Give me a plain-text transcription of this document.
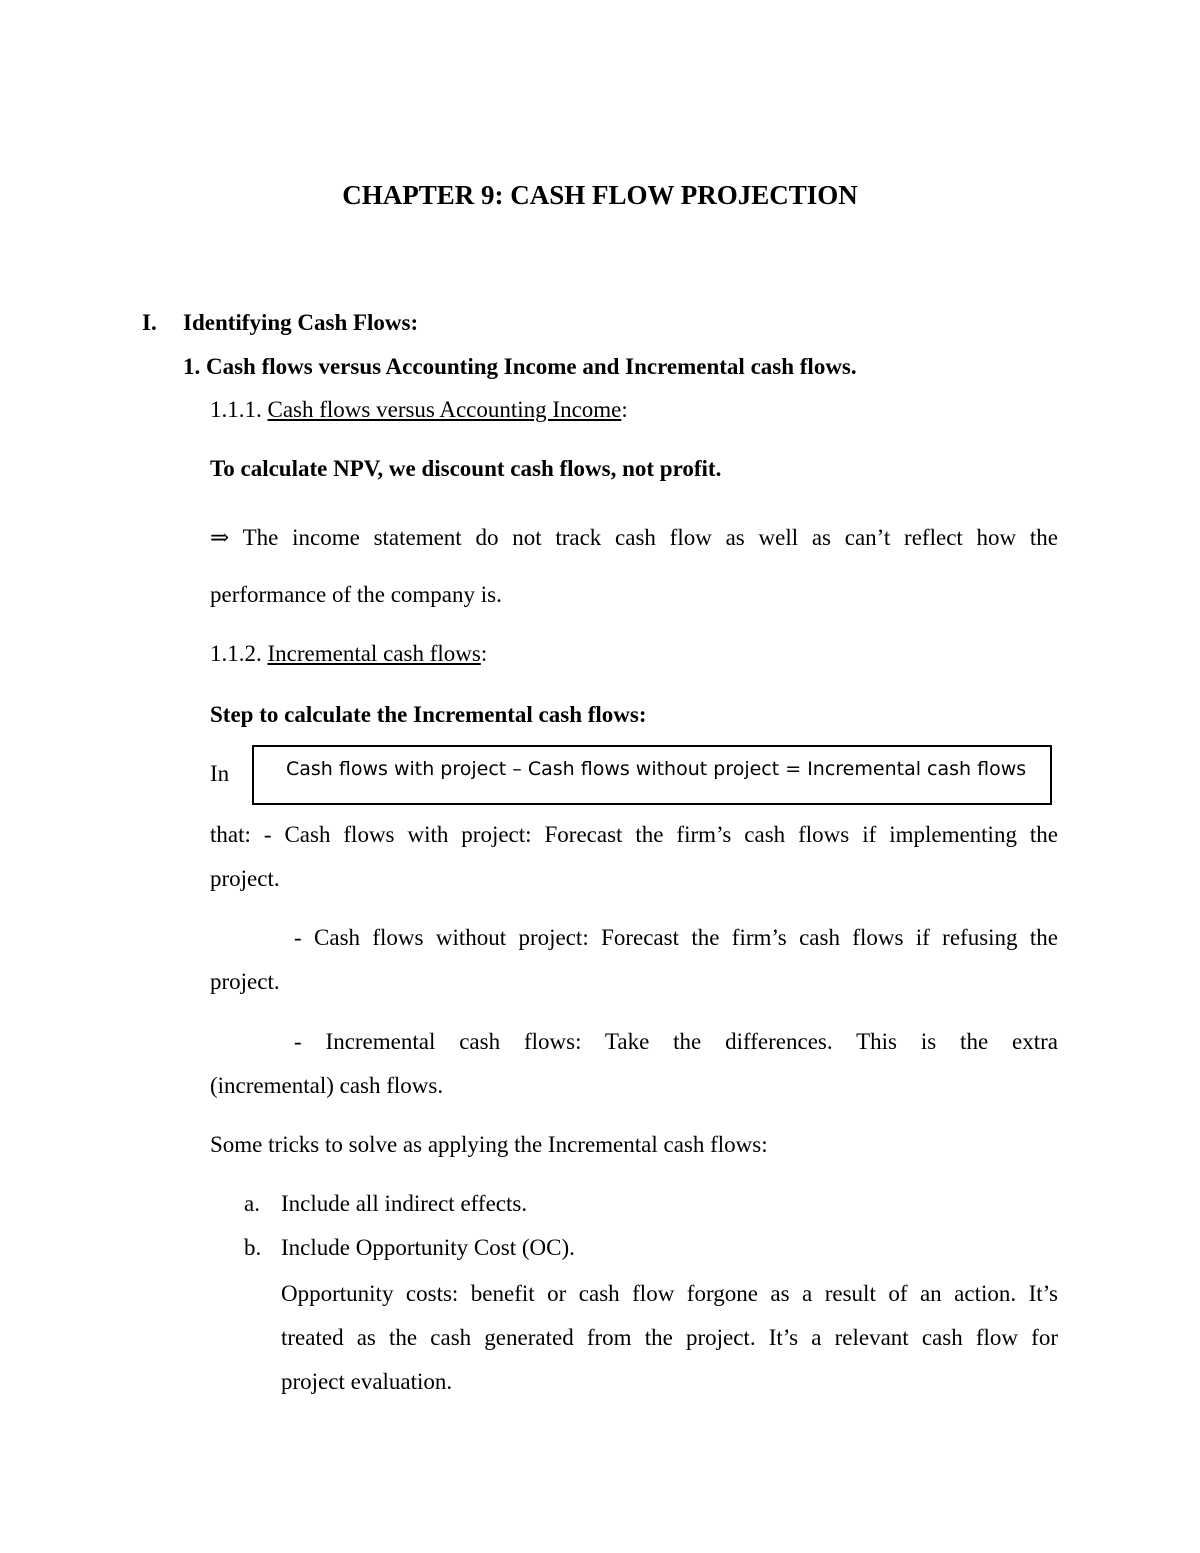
CHAPTER 9: CASH FLOW PROJECTION
I. Identifying Cash Flows:
1. Cash flows versus Accounting Income and Incremental cash flows.
1.1.1. Cash flows versus Accounting Income:
To calculate NPV, we discount cash flows, not profit.
⇒ The income statement do not track cash flow as well as can’t reflect how the
performance of the company is.
1.1.2. Incremental cash flows:
Step to calculate the Incremental cash flows:
In	Cash flows with project – Cash flows without project = Incremental cash flows
that: - Cash flows with project: Forecast the firm’s cash flows if implementing the
project.
- Cash flows without project: Forecast the firm’s cash flows if refusing the
project.
- Incremental cash flows: Take the differences. This is the extra
(incremental) cash flows.
Some tricks to solve as applying the Incremental cash flows:
a. Include all indirect effects.
b. Include Opportunity Cost (OC).
Opportunity costs: benefit or cash flow forgone as a result of an action. It’s
treated as the cash generated from the project. It’s a relevant cash flow for
project evaluation.
